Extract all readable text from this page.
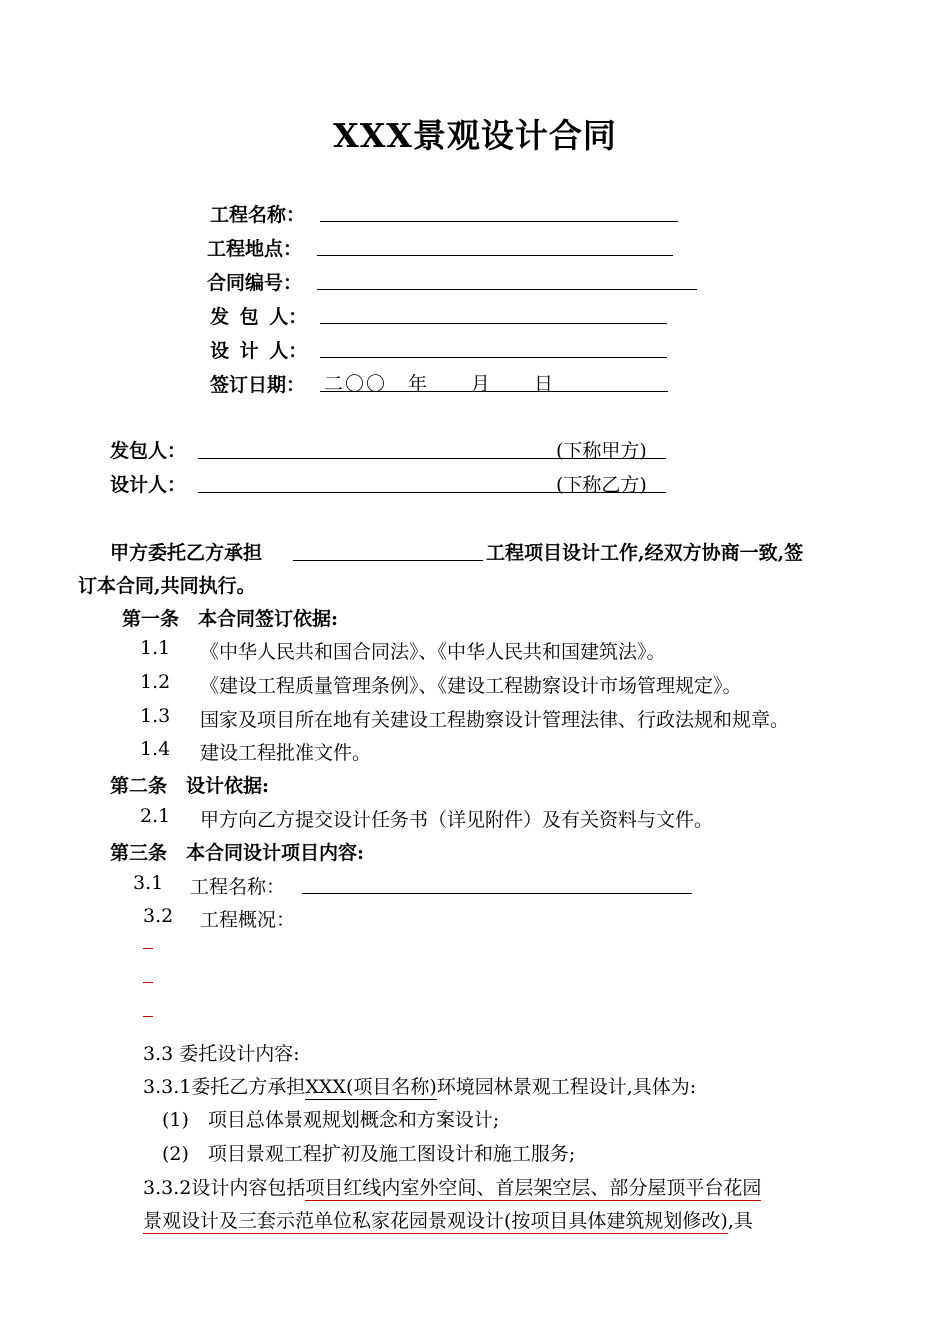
XXX景观设计合同
工程名称：
工程地点：
合同编号：
发 包 人：
设 计 人：
签订日期： 二〇〇　年　　月　　日
发包人：	(下称甲方)
设计人：	(下称乙方)
甲方委托乙方承担	工程项目设计工作,经双方协商一致,签
订本合同,共同执行。
第一条　本合同签订依据:
1.1 《中华人民共和国合同法》、《中华人民共和国建筑法》。
1.2 《建设工程质量管理条例》、《建设工程勘察设计市场管理规定》。
1.3 国家及项目所在地有关建设工程勘察设计管理法律、行政法规和规章。
1.4 建设工程批准文件。
第二条　设计依据:
2.1 甲方向乙方提交设计任务书（详见附件）及有关资料与文件。
第三条　本合同设计项目内容:
3.1 工程名称：
3.2 工程概况：
3.3 委托设计内容:
3.3.1委托乙方承担XXX(项目名称)环境园林景观工程设计,具体为:
(1)　项目总体景观规划概念和方案设计;
(2)　项目景观工程扩初及施工图设计和施工服务;
3.3.2设计内容包括项目红线内室外空间、首层架空层、部分屋顶平台花园
景观设计及三套示范单位私家花园景观设计(按项目具体建筑规划修改),具
